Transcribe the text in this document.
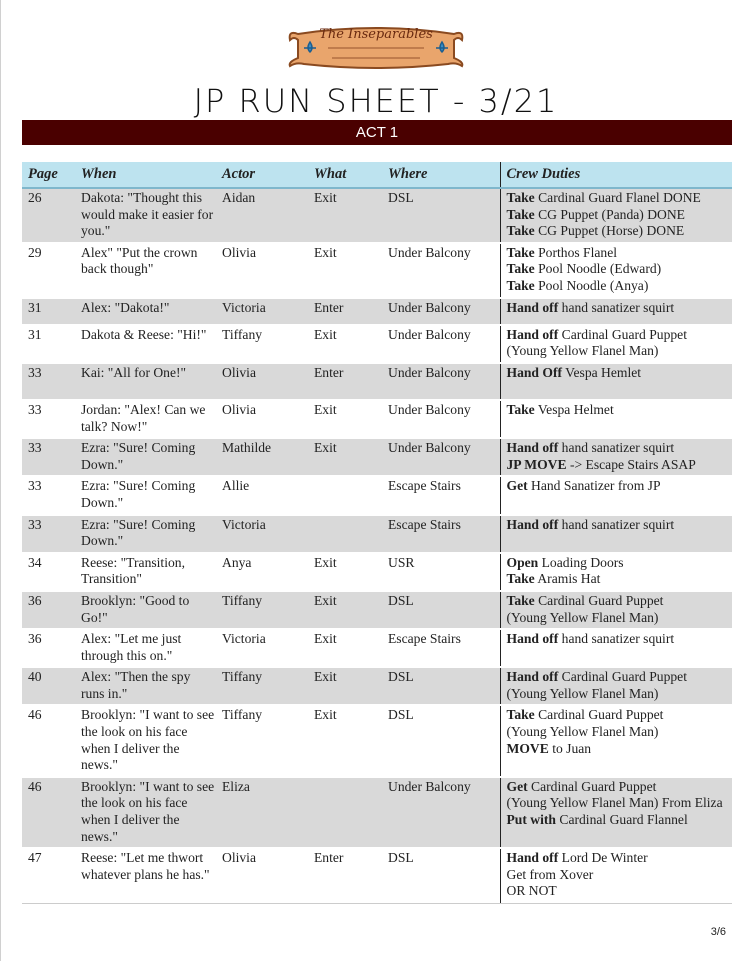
The Inseparables
JP RUN SHEET - 3/21
ACT 1
Page	When	Actor	What	Where	Crew Duties
26	Dakota: "Thought this would make it easier for you."	Aidan	Exit	DSL	Take Cardinal Guard Flanel DONE
Take CG Puppet (Panda) DONE
Take CG Puppet (Horse) DONE

29	Alex" "Put the crown back though"	Olivia	Exit	Under Balcony	Take Porthos Flanel
Take Pool Noodle (Edward)
Take Pool Noodle (Anya)

31	Alex: "Dakota!"	Victoria	Enter	Under Balcony	Hand off hand sanatizer squirt

31	Dakota & Reese: "Hi!"	Tiffany	Exit	Under Balcony	Hand off Cardinal Guard Puppet
(Young Yellow Flanel Man)

33	Kai: "All for One!"	Olivia	Enter	Under Balcony	Hand Off Vespa Hemlet

33	Jordan: "Alex! Can we talk? Now!"	Olivia	Exit	Under Balcony	Take Vespa Helmet

33	Ezra: "Sure! Coming Down."	Mathilde	Exit	Under Balcony	Hand off hand sanatizer squirt
JP MOVE -> Escape Stairs ASAP

33	Ezra: "Sure! Coming Down."	Allie		Escape Stairs	Get Hand Sanatizer from JP

33	Ezra: "Sure! Coming Down."	Victoria		Escape Stairs	Hand off hand sanatizer squirt

34	Reese: "Transition, Transition"	Anya	Exit	USR	Open Loading Doors
Take Aramis Hat

36	Brooklyn: "Good to Go!"	Tiffany	Exit	DSL	Take Cardinal Guard Puppet
(Young Yellow Flanel Man)

36	Alex: "Let me just through this on."	Victoria	Exit	Escape Stairs	Hand off hand sanatizer squirt

40	Alex: "Then the spy runs in."	Tiffany	Exit	DSL	Hand off Cardinal Guard Puppet
(Young Yellow Flanel Man)

46	Brooklyn: "I want to see the look on his face when I deliver the news."	Tiffany	Exit	DSL	Take Cardinal Guard Puppet
(Young Yellow Flanel Man)
MOVE to Juan

46	Brooklyn: "I want to see the look on his face when I deliver the news."	Eliza		Under Balcony	Get Cardinal Guard Puppet
(Young Yellow Flanel Man) From Eliza
Put with Cardinal Guard Flannel

47	Reese: "Let me thwort whatever plans he has."	Olivia	Enter	DSL	Hand off Lord De Winter
Get from Xover
OR NOT
3/6
